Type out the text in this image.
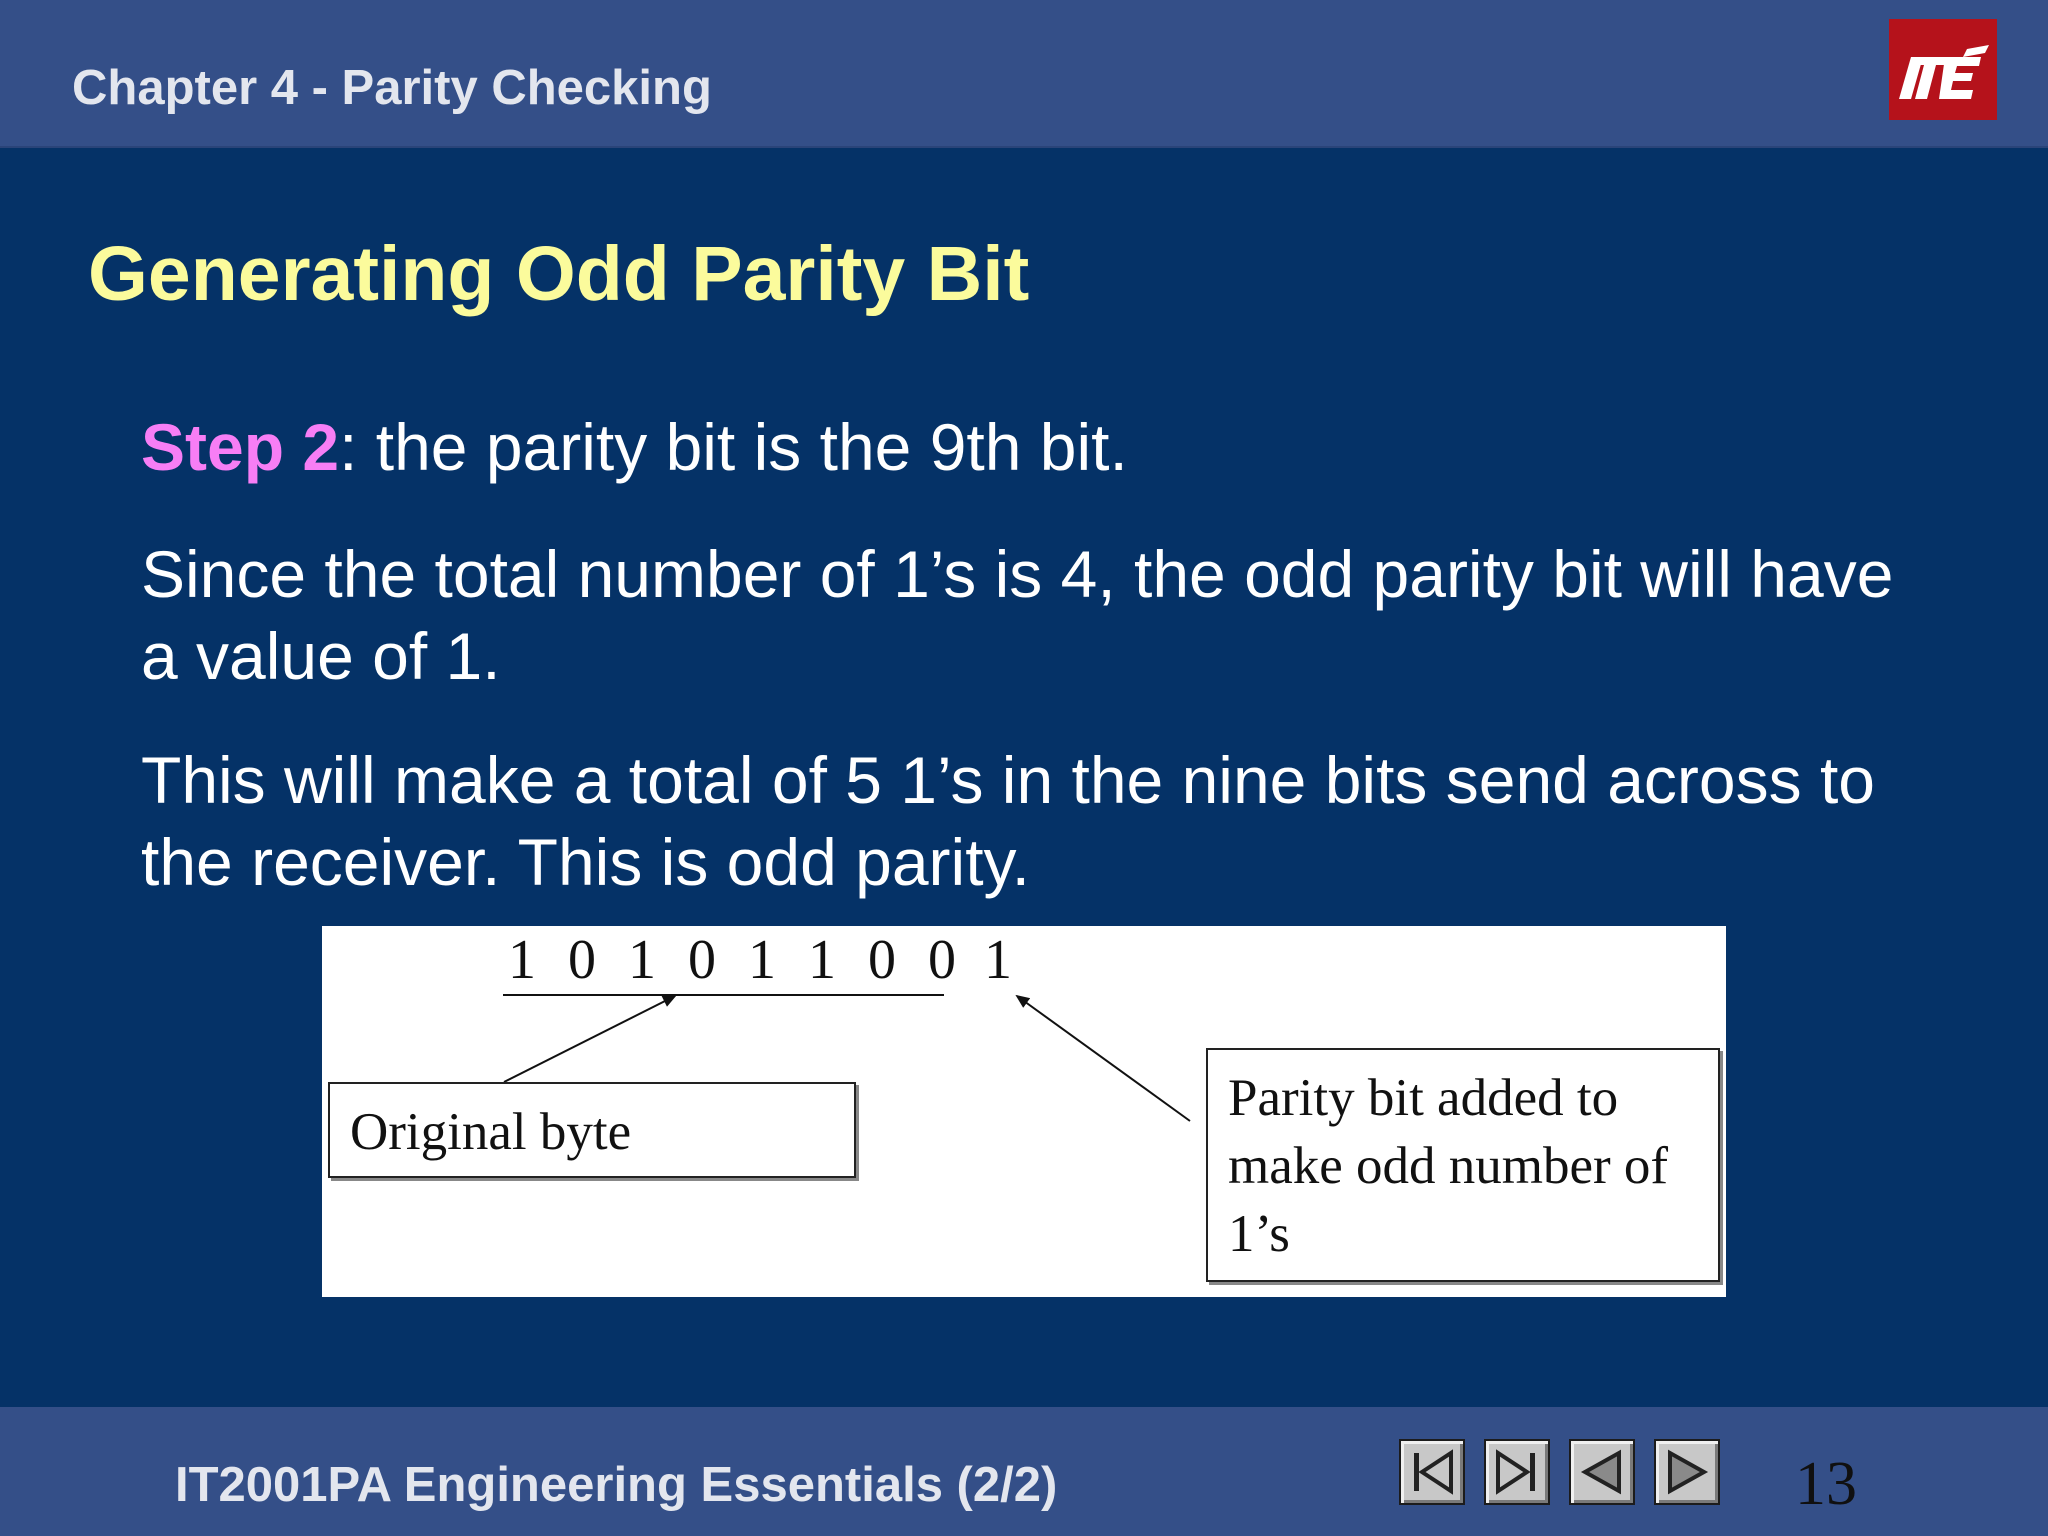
Chapter 4 - Parity Checking
Generating Odd Parity Bit
Step 2: the parity bit is the 9th bit.
Since the total number of 1’s is 4, the odd parity bit will have a value of 1.
This will make a total of 5 1’s in the nine bits send across to the receiver. This is odd parity.
1 0 1 0 1 1 0 0 1
Original byte
Parity bit added to make odd number of 1’s
IT2001PA Engineering Essentials (2/2)	13
